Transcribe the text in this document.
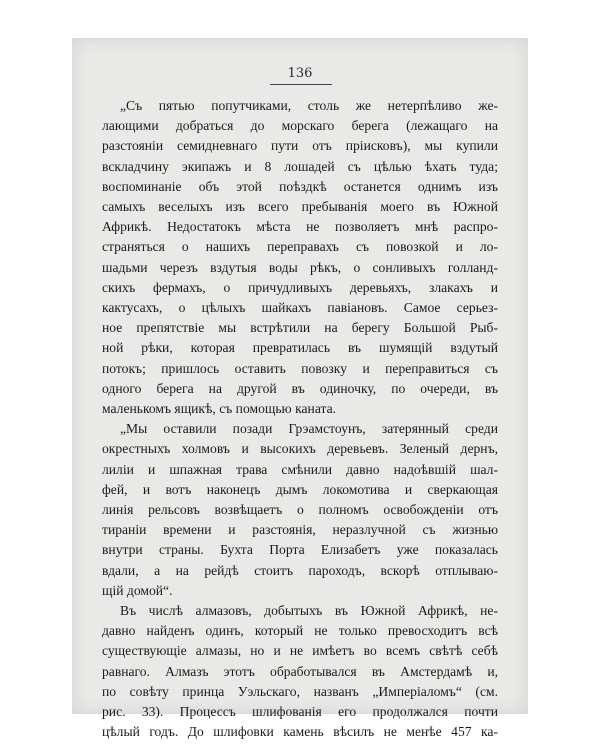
136
„Съ пятью попутчиками, столь же нетерпѣливо же-
лающими добраться до морскаго берега (лежащаго на
разстояніи семидневнаго пути отъ пріисковъ), мы купили
вскладчину экипажъ и 8 лошадей съ цѣлью ѣхать туда;
воспоминаніе объ этой поѣздкѣ останется однимъ изъ
самыхъ веселыхъ изъ всего пребыванія моего въ Южной
Африкѣ. Недостатокъ мѣста не позволяетъ мнѣ распро-
страняться о нашихъ переправахъ съ повозкой и ло-
шадьми черезъ вздутыя воды рѣкъ, о сонливыхъ голланд-
скихъ фермахъ, о причудливыхъ деревьяхъ, злакахъ и
кактусахъ, о цѣлыхъ шайкахъ павіановъ. Самое серьез-
ное препятствіе мы встрѣтили на берегу Большой Рыб-
ной рѣки, которая превратилась въ шумящій вздутый
потокъ; пришлось оставить повозку и переправиться съ
одного берега на другой въ одиночку, по очереди, въ
маленькомъ ящикѣ, съ помощью каната.
„Мы оставили позади Грэамстоунъ, затерянный среди
окрестныхъ холмовъ и высокихъ деревьевъ. Зеленый дернъ,
лиліи и шпажная трава смѣнили давно надоѣвшій шал-
фей, и вотъ наконецъ дымъ локомотива и сверкающая
линія рельсовъ возвѣщаетъ о полномъ освобожденіи отъ
тираніи времени и разстоянія, неразлучной съ жизнью
внутри страны. Бухта Порта Елизабетъ уже показалась
вдали, а на рейдѣ стоитъ пароходъ, вскорѣ отплываю-
щій домой“.
Въ числѣ алмазовъ, добытыхъ въ Южной Африкѣ, не-
давно найденъ одинъ, который не только превосходитъ всѣ
существующіе алмазы, но и не имѣетъ во всемъ свѣтѣ себѣ
равнаго. Алмазъ этотъ обработывался въ Амстердамѣ и,
по совѣту принца Уэльскаго, названъ „Имперіаломъ“ (см.
рис. 33). Процессъ шлифованія его продолжался почти
цѣлый годъ. До шлифовки камень вѣсилъ не менѣе 457 ка-
